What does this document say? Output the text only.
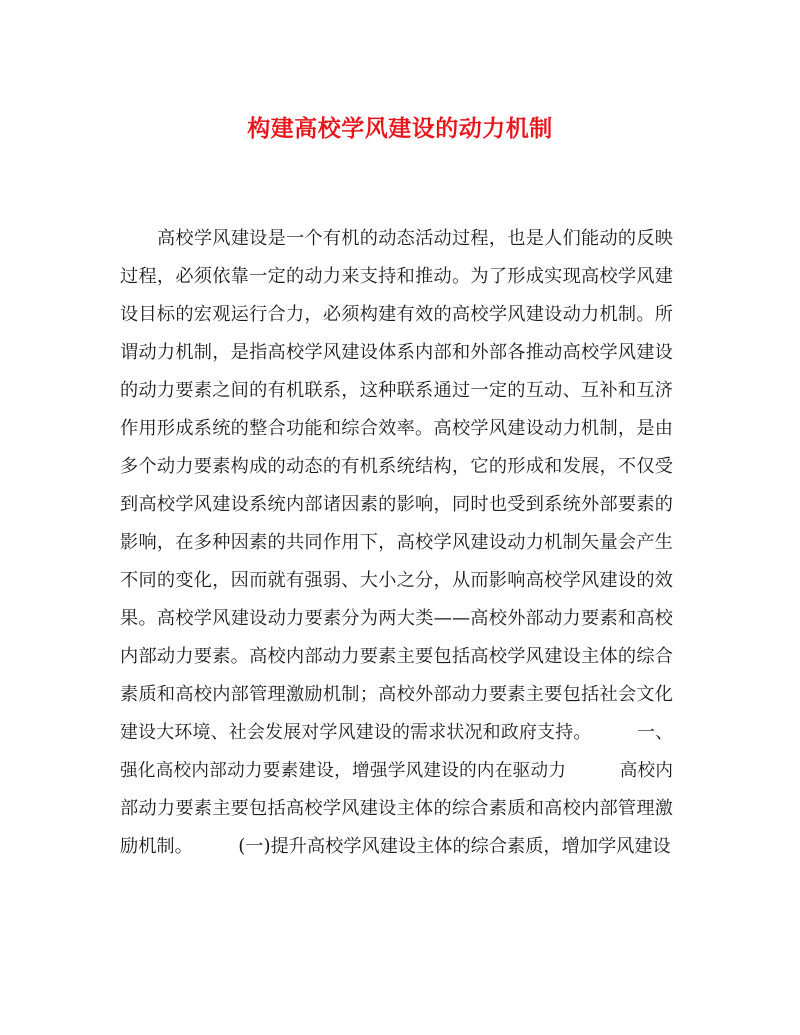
构建高校学风建设的动力机制

高校学风建设是一个有机的动态活动过程，也是人们能动的反映

过程，必须依靠一定的动力来支持和推动。为了形成实现高校学风建

设目标的宏观运行合力，必须构建有效的高校学风建设动力机制。所

谓动力机制，是指高校学风建设体系内部和外部各推动高校学风建设

的动力要素之间的有机联系，这种联系通过一定的互动、互补和互济

作用形成系统的整合功能和综合效率。高校学风建设动力机制，是由

多个动力要素构成的动态的有机系统结构，它的形成和发展，不仅受

到高校学风建设系统内部诸因素的影响，同时也受到系统外部要素的

影响，在多种因素的共同作用下，高校学风建设动力机制矢量会产生

不同的变化，因而就有强弱、大小之分，从而影响高校学风建设的效

果。高校学风建设动力要素分为两大类——高校外部动力要素和高校

内部动力要素。高校内部动力要素主要包括高校学风建设主体的综合

素质和高校内部管理激励机制；高校外部动力要素主要包括社会文化

建设大环境、社会发展对学风建设的需求状况和政府支持。　　　一、

强化高校内部动力要素建设，增强学风建设的内在驱动力　　　高校内

部动力要素主要包括高校学风建设主体的综合素质和高校内部管理激

励机制。　　　(一)提升高校学风建设主体的综合素质，增加学风建设
